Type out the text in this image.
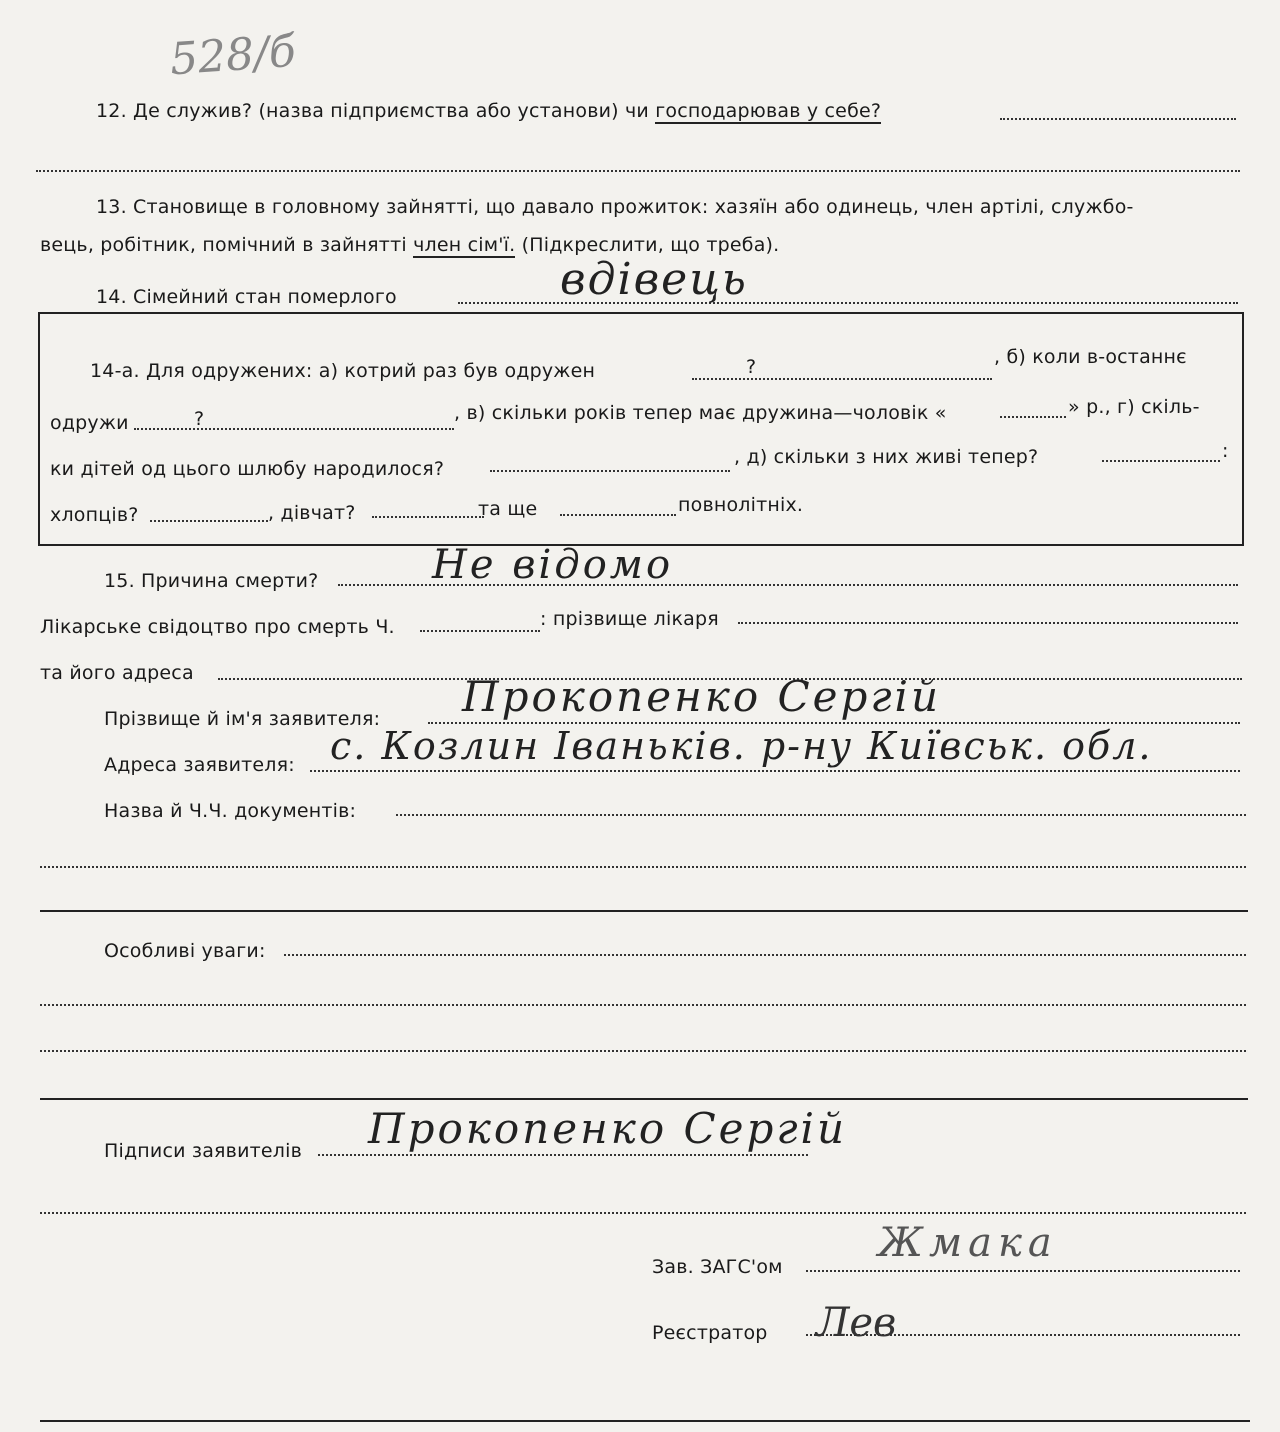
528/б
12. Де служив? (назва підприємства або установи) чи господарював у себе?
13. Становище в головному зайнятті, що давало прожиток: хазяїн або одинець, член артілі, службо-
вець, робітник, помічний в зайнятті член сім'ї. (Підкреслити, що треба).
14. Сімейний стан померлого	вдівець
14-а. Для одружених: а) котрий раз був одружен	?	, б) коли в-останнє
одружи	?	, в) скільки років тепер має дружина—чоловік «	» р., г) скіль-
ки дітей од цього шлюбу народилося?
, д) скільки з них живі тепер?	:
хлопців?	, дівчат?	та ще	повнолітніх.
15. Причина смерти?	Не відомо
Лікарське свідоцтво про смерть Ч.	: прізвище лікаря
та його адреса
Прізвище й ім'я заявителя: Прокопенко Сергій
Адреса заявителя: с. Козлин Іваньків. р-ну Київськ. обл.
Назва й Ч.Ч. документів:
Особливі уваги:
Підписи заявителів Прокопенко Сергій
Зав. ЗАГС'ом
Жмака
Реєстратор Лев
